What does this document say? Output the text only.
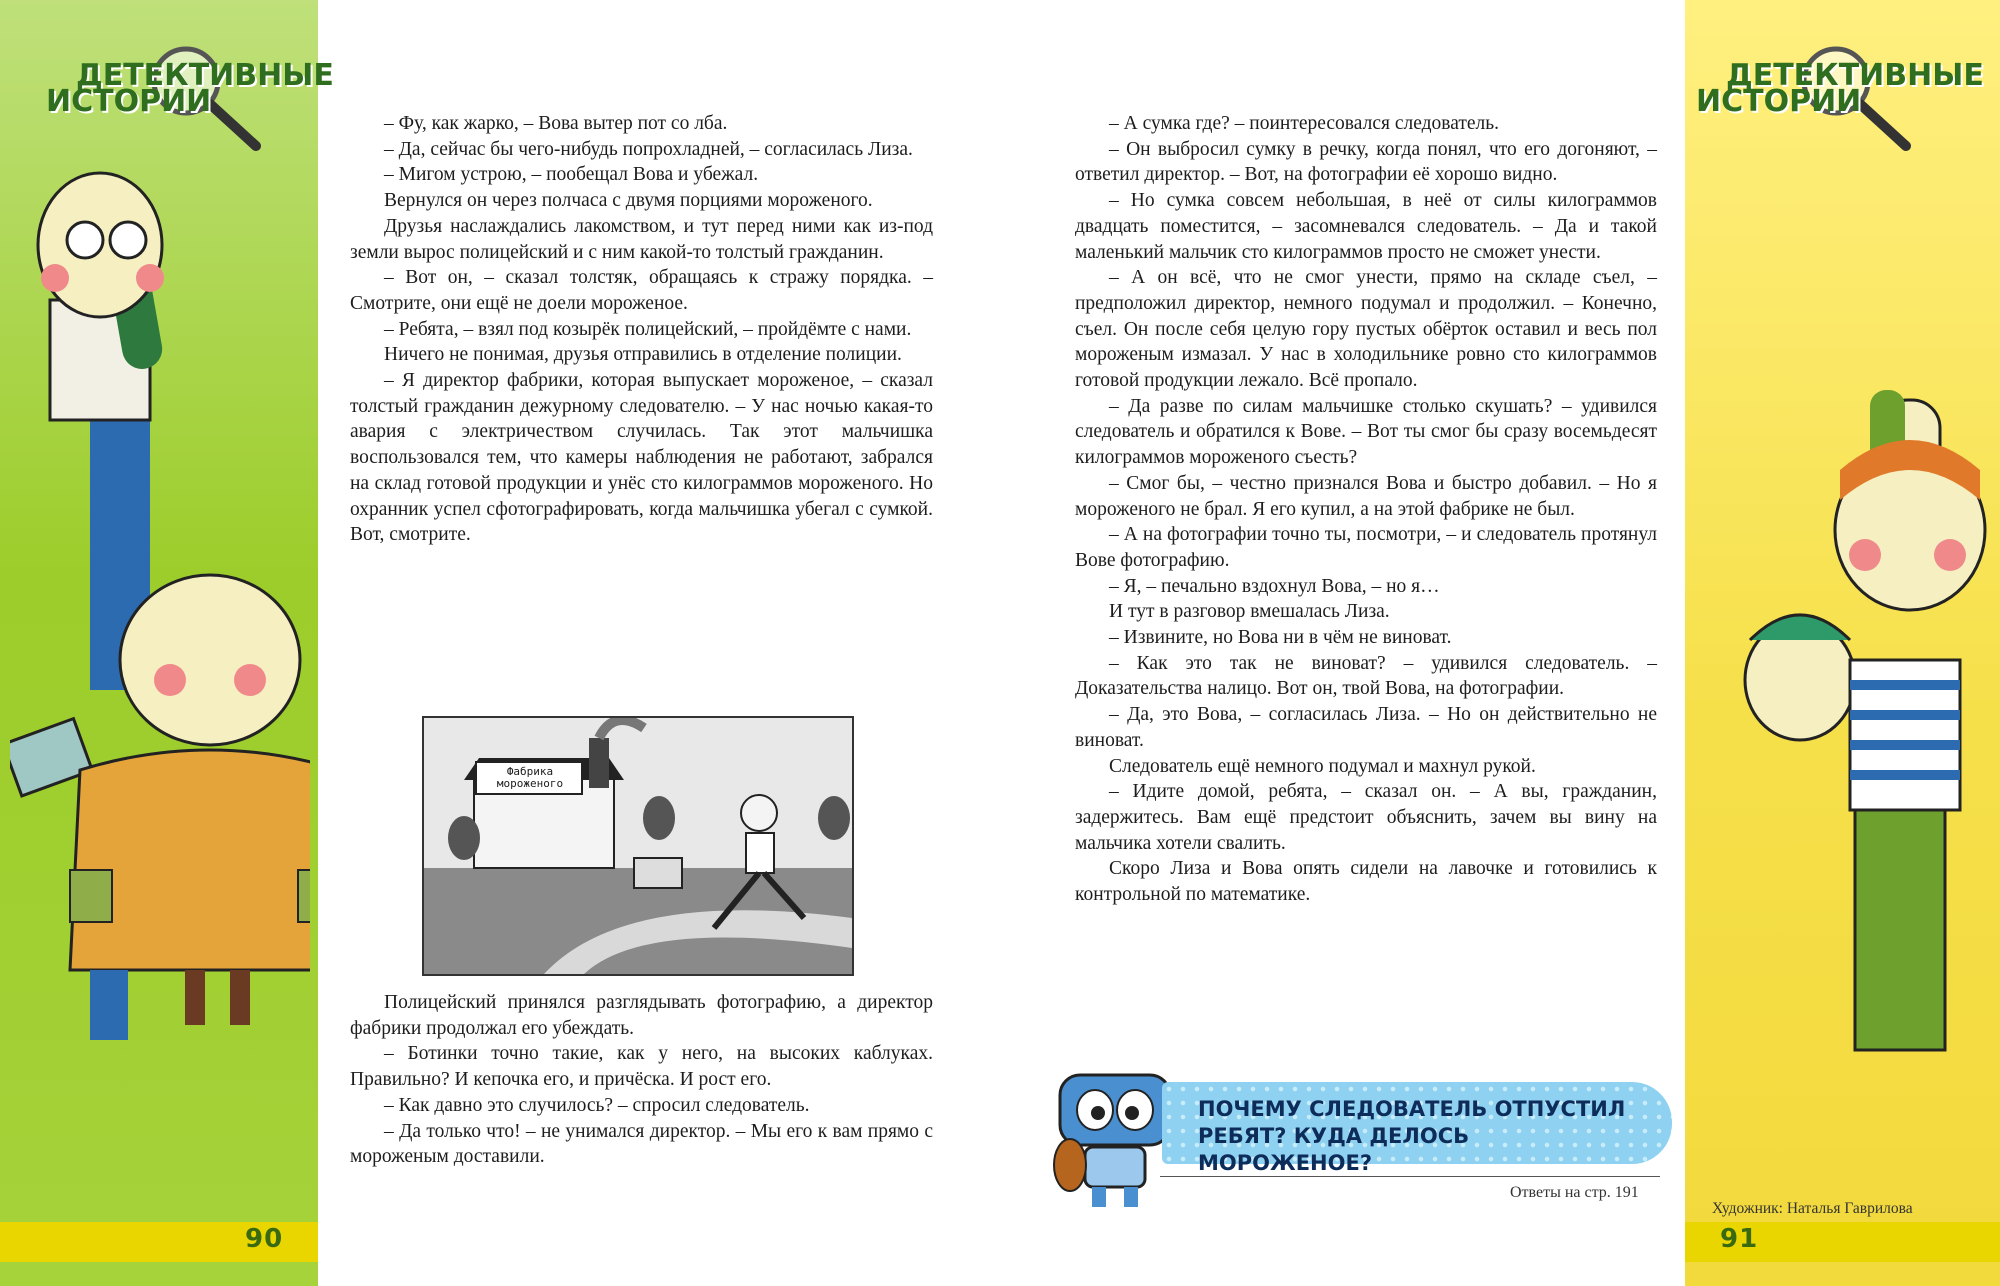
ДЕТЕКТИВНЫЕ
ИСТОРИИ
ДЕТЕКТИВНЫЕ
ИСТОРИИ

– Фу, как жарко, – Вова вытер пот со лба.

– Да, сейчас бы чего-нибудь попрохладней, – согласилась Лиза.

– Мигом устрою, – пообещал Вова и убежал.

Вернулся он через полчаса с двумя порциями мороженого.

Друзья наслаждались лакомством, и тут перед ними как из-под земли вырос полицейский и с ним какой-то толстый гражданин.

– Вот он, – сказал толстяк, обращаясь к стражу порядка. – Смотрите, они ещё не доели мороженое.

– Ребята, – взял под козырёк полицейский, – пройдёмте с нами.

Ничего не понимая, друзья отправились в отделение полиции.

– Я директор фабрики, которая выпускает мороженое, – сказал толстый гражданин дежурному следователю. – У нас ночью какая-то авария с электричеством случилась. Так этот мальчишка воспользовался тем, что камеры наблюдения не работают, забрался на склад готовой продукции и унёс сто килограммов мороженого. Но охранник успел сфотографировать, когда мальчишка убегал с сумкой. Вот, смотрите.

Фабрика мороженого

Полицейский принялся разглядывать фотографию, а директор фабрики продолжал его убеждать.

– Ботинки точно такие, как у него, на высоких каблуках. Правильно? И кепочка его, и причёска. И рост его.

– Как давно это случилось? – спросил следователь.

– Да только что! – не унимался директор. – Мы его к вам прямо с мороженым доставили.

– А сумка где? – поинтересовался следователь.

– Он выбросил сумку в речку, когда понял, что его догоняют, – ответил директор. – Вот, на фотографии её хорошо видно.

– Но сумка совсем небольшая, в неё от силы килограммов двадцать поместится, – засомневался следователь. – Да и такой маленький мальчик сто килограммов просто не сможет унести.

– А он всё, что не смог унести, прямо на складе съел, – предположил директор, немного подумал и продолжил. – Конечно, съел. Он после себя целую гору пустых обёрток оставил и весь пол мороженым измазал. У нас в холодильнике ровно сто килограммов готовой продукции лежало. Всё пропало.

– Да разве по силам мальчишке столько скушать? – удивился следователь и обратился к Вове. – Вот ты смог бы сразу восемьдесят килограммов мороженого съесть?

– Смог бы, – честно признался Вова и быстро добавил. – Но я мороженого не брал. Я его купил, а на этой фабрике не был.

– А на фотографии точно ты, посмотри, – и следователь протянул Вове фотографию.

– Я, – печально вздохнул Вова, – но я…

И тут в разговор вмешалась Лиза.

– Извините, но Вова ни в чём не виноват.

– Как это так не виноват? – удивился следователь. – Доказательства налицо. Вот он, твой Вова, на фотографии.

– Да, это Вова, – согласилась Лиза. – Но он действительно не виноват.

Следователь ещё немного подумал и махнул рукой.

– Идите домой, ребята, – сказал он. – А вы, гражданин, задержитесь. Вам ещё предстоит объяснить, зачем вы вину на мальчика хотели свалить.

Скоро Лиза и Вова опять сидели на лавочке и готовились к контрольной по математике.

ПОЧЕМУ СЛЕДОВАТЕЛЬ ОТПУСТИЛ РЕБЯТ? КУДА ДЕЛОСЬ МОРОЖЕНОЕ?
Ответы на стр. 191
Художник: Наталья Гаврилова
90	91
